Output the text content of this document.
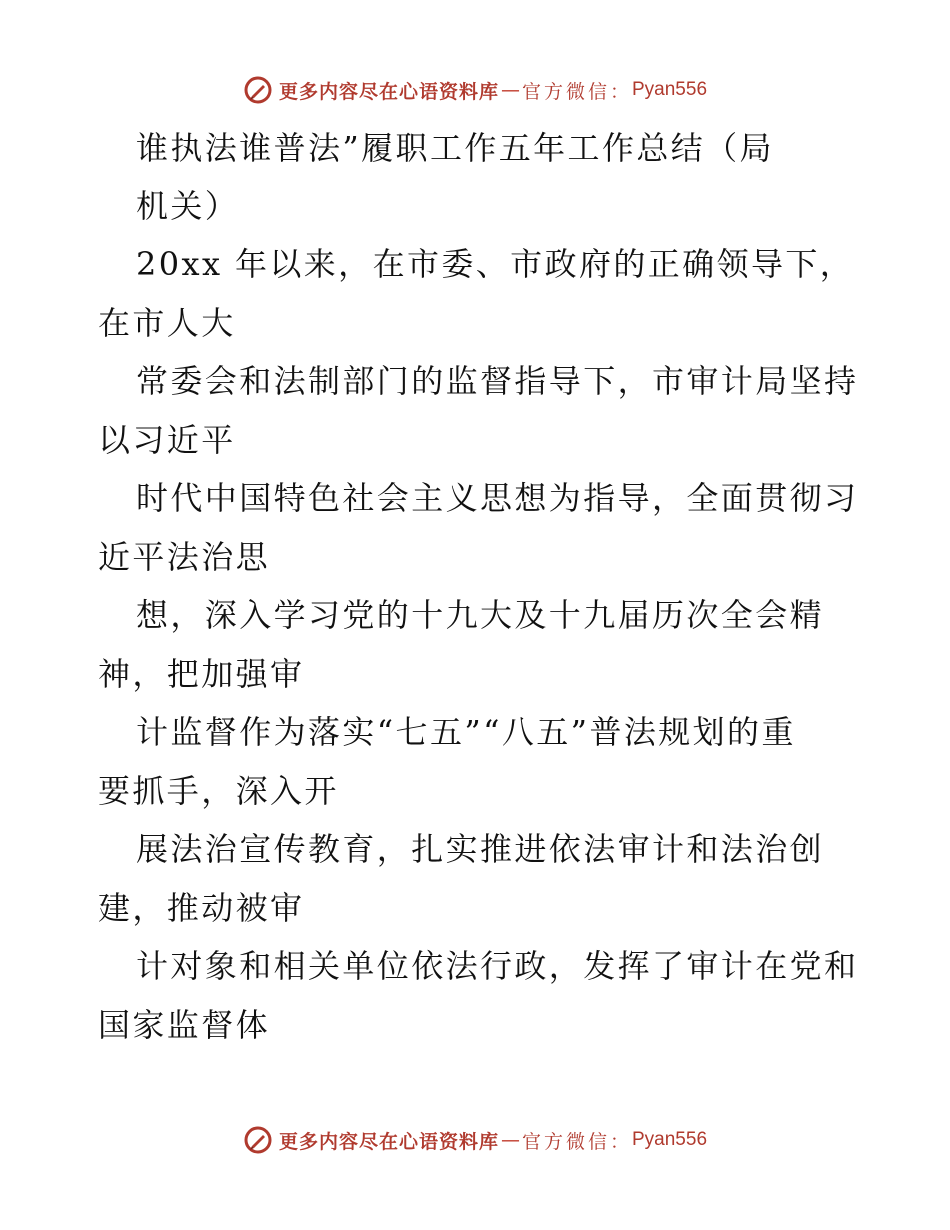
更多内容尽在心语资料库 — 官方微信： Pyan556
谁执法谁普法”履职工作五年工作总结（局
机关）
20xx 年以来，在市委、市政府的正确领导下，
在市人大
常委会和法制部门的监督指导下，市审计局坚持
以习近平
时代中国特色社会主义思想为指导，全面贯彻习
近平法治思
想，深入学习党的十九大及十九届历次全会精
神，把加强审
计监督作为落实“七五”“八五”普法规划的重
要抓手，深入开
展法治宣传教育，扎实推进依法审计和法治创
建，推动被审
计对象和相关单位依法行政，发挥了审计在党和
国家监督体
更多内容尽在心语资料库 — 官方微信： Pyan556
